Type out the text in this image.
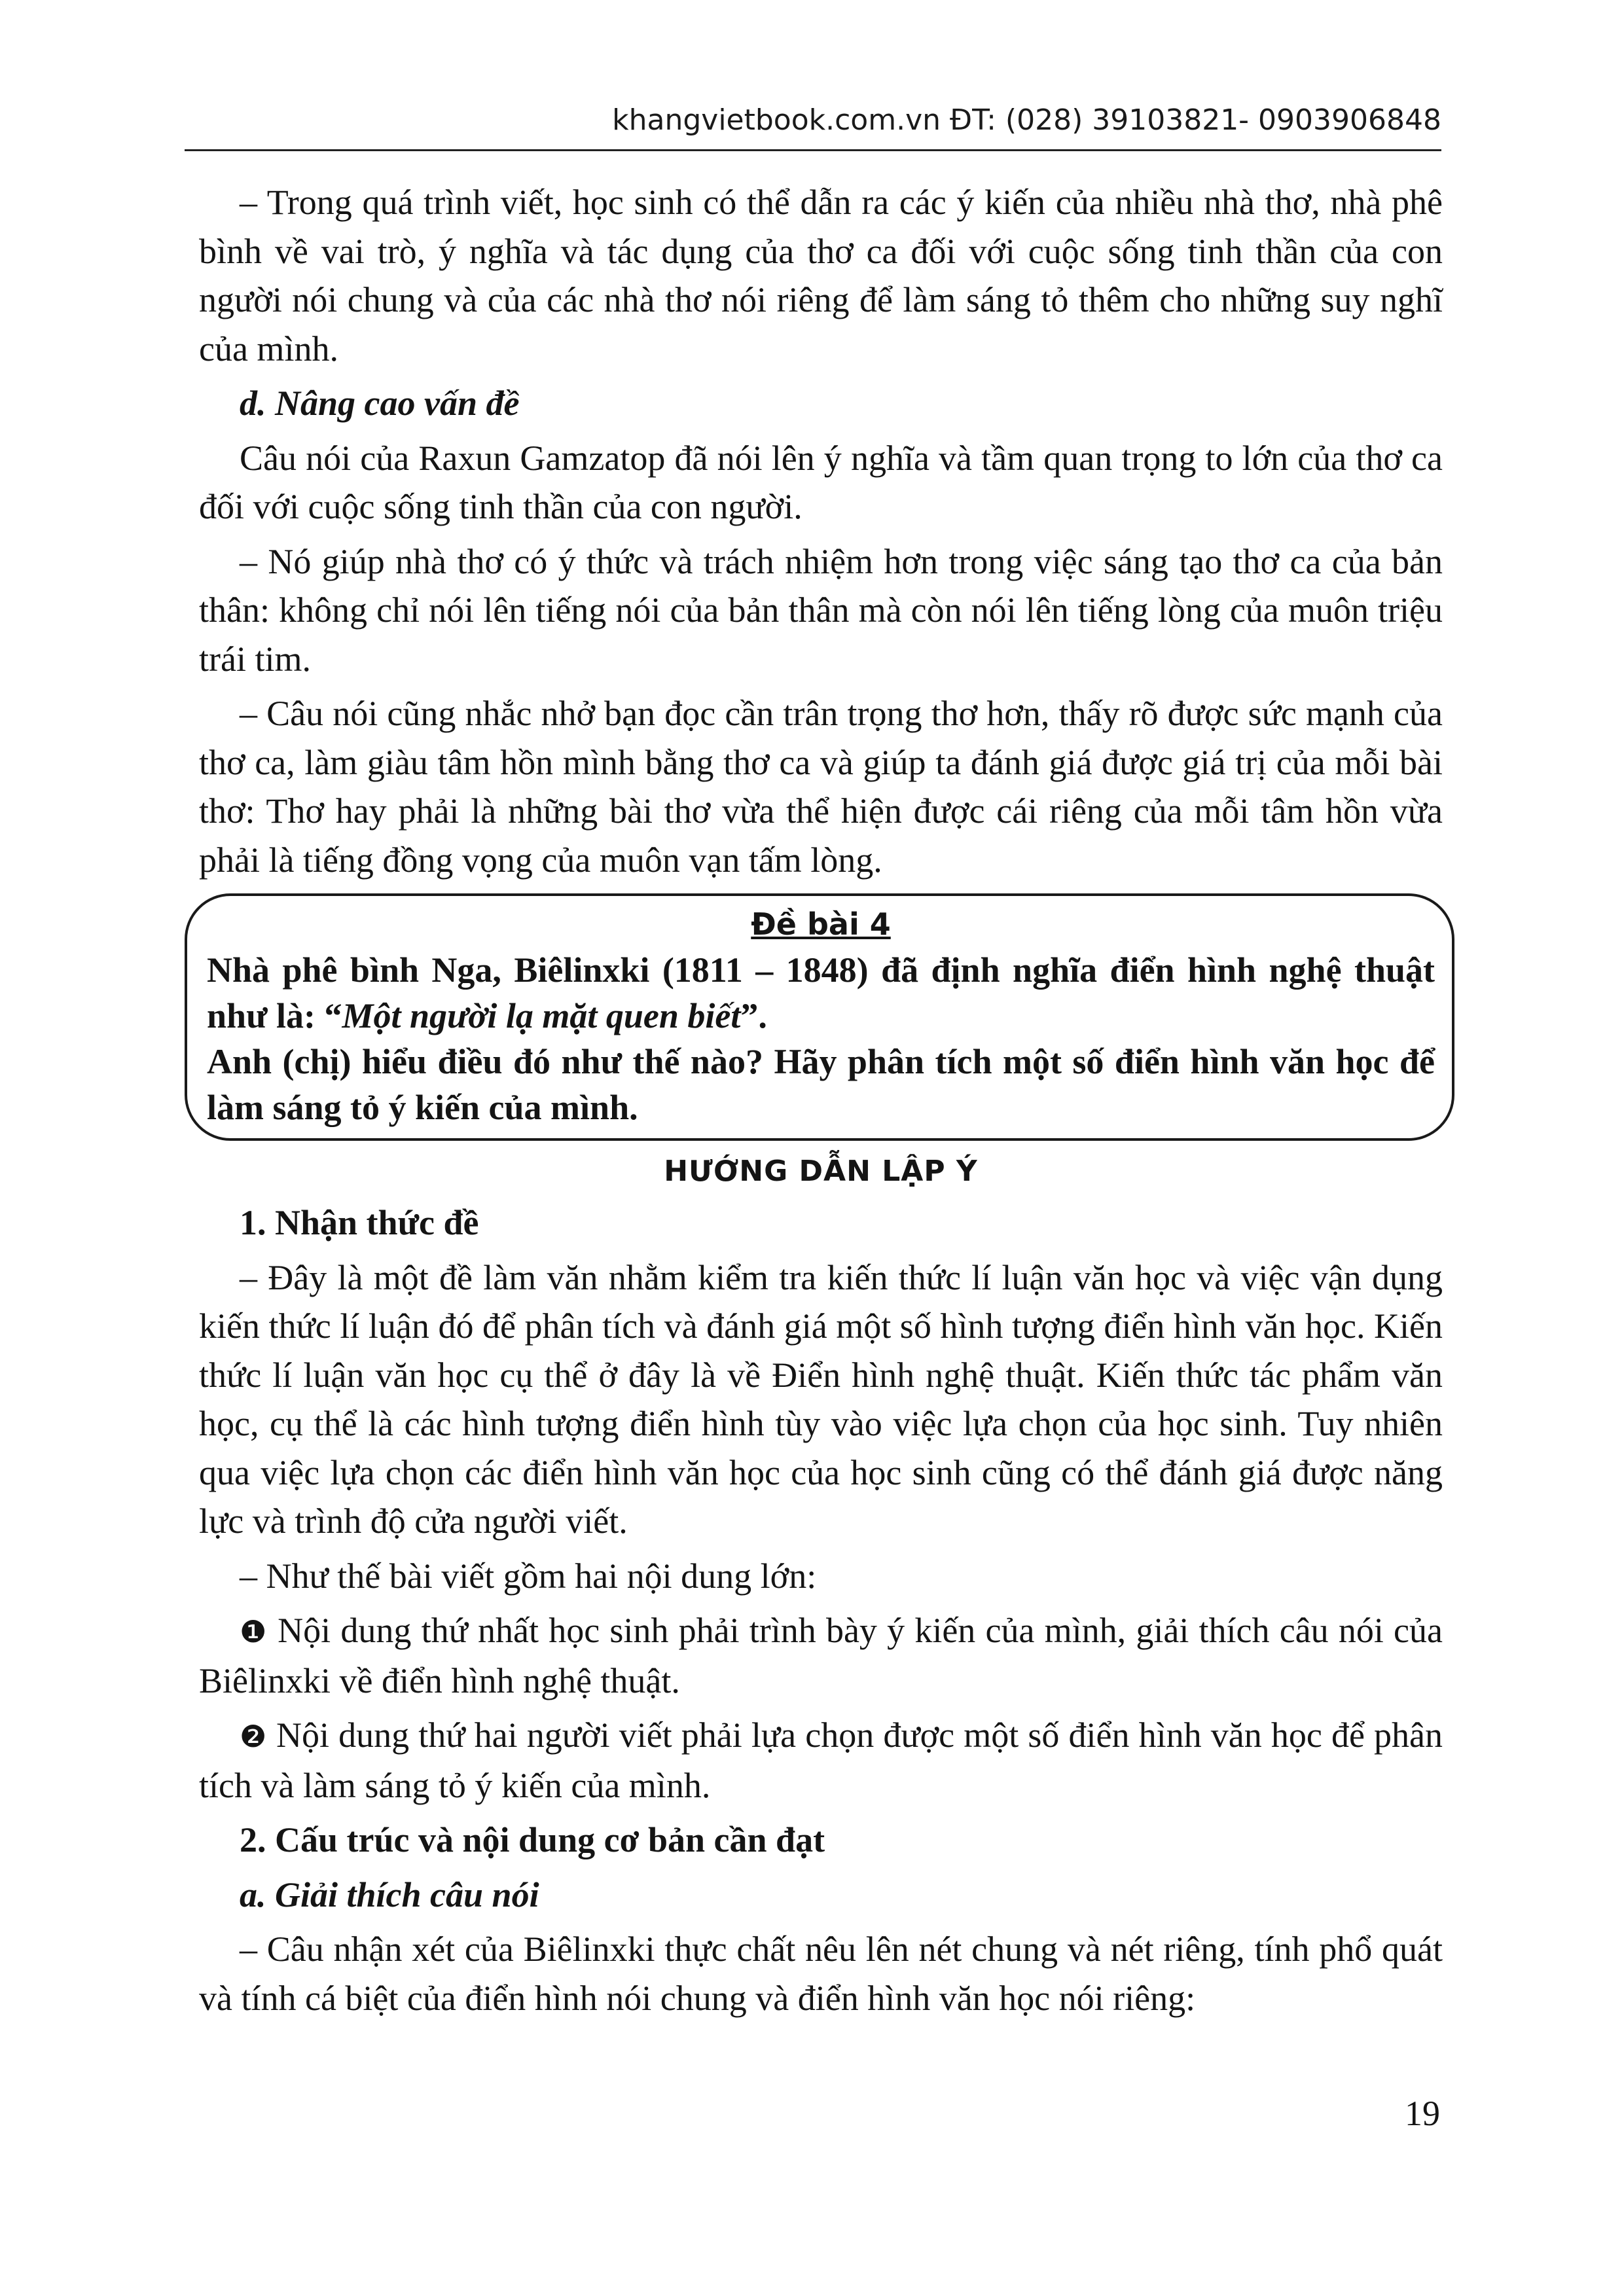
khangvietbook.com.vn ĐT: (028) 39103821- 0903906848

– Trong quá trình viết, học sinh có thể dẫn ra các ý kiến của nhiều nhà thơ, nhà phê bình về vai trò, ý nghĩa và tác dụng của thơ ca đối với cuộc sống tinh thần của con người nói chung và của các nhà thơ nói riêng để làm sáng tỏ thêm cho những suy nghĩ của mình.

d. Nâng cao vấn đề

Câu nói của Raxun Gamzatop đã nói lên ý nghĩa và tầm quan trọng to lớn của thơ ca đối với cuộc sống tinh thần của con người.

– Nó giúp nhà thơ có ý thức và trách nhiệm hơn trong việc sáng tạo thơ ca của bản thân: không chỉ nói lên tiếng nói của bản thân mà còn nói lên tiếng lòng của muôn triệu trái tim.

– Câu nói cũng nhắc nhở bạn đọc cần trân trọng thơ hơn, thấy rõ được sức mạnh của thơ ca, làm giàu tâm hồn mình bằng thơ ca và giúp ta đánh giá được giá trị của mỗi bài thơ: Thơ hay phải là những bài thơ vừa thể hiện được cái riêng của mỗi tâm hồn vừa phải là tiếng đồng vọng của muôn vạn tấm lòng.

Đề bài 4

Nhà phê bình Nga, Biêlinxki (1811 – 1848) đã định nghĩa điển hình nghệ thuật như là: “Một người lạ mặt quen biết”.

Anh (chị) hiểu điều đó như thế nào? Hãy phân tích một số điển hình văn học để làm sáng tỏ ý kiến của mình.

HƯỚNG DẪN LẬP Ý

1. Nhận thức đề

– Đây là một đề làm văn nhằm kiểm tra kiến thức lí luận văn học và việc vận dụng kiến thức lí luận đó để phân tích và đánh giá một số hình tượng điển hình văn học. Kiến thức lí luận văn học cụ thể ở đây là về Điển hình nghệ thuật. Kiến thức tác phẩm văn học, cụ thể là các hình tượng điển hình tùy vào việc lựa chọn của học sinh. Tuy nhiên qua việc lựa chọn các điển hình văn học của học sinh cũng có thể đánh giá được năng lực và trình độ cửa người viết.

– Như thế bài viết gồm hai nội dung lớn:

❶ Nội dung thứ nhất học sinh phải trình bày ý kiến của mình, giải thích câu nói của Biêlinxki về điển hình nghệ thuật.

❷ Nội dung thứ hai người viết phải lựa chọn được một số điển hình văn học để phân tích và làm sáng tỏ ý kiến của mình.

2. Cấu trúc và nội dung cơ bản cần đạt

a. Giải thích câu nói

– Câu nhận xét của Biêlinxki thực chất nêu lên nét chung và nét riêng, tính phổ quát và tính cá biệt của điển hình nói chung và điển hình văn học nói riêng:

19
